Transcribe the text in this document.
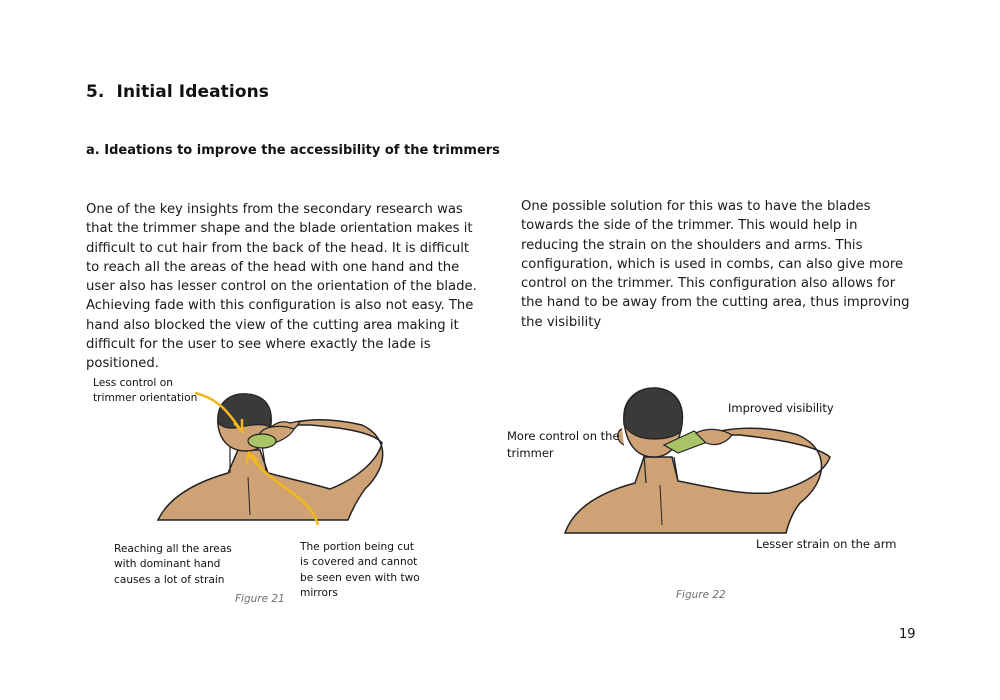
5. Initial Ideations
a. Ideations to improve the accessibility of the trimmers
One of the key insights from the secondary research was that the trimmer shape and the blade orientation makes it difficult to cut hair from the back of the head. It is difficult to reach all the areas of the head with one hand and the user also has lesser control on the orientation of the blade. Achieving fade with this configuration is also not easy. The hand also blocked the view of the cutting area making it difficult for the user to see where exactly the lade is positioned.
One possible solution for this was to have the blades towards the side of the trimmer. This would help in reducing the strain on the shoulders and arms. This configuration, which is used in combs, can also give more control on the trimmer. This configuration also allows for the hand to be away from the cutting area, thus improving the visibility
Less control on trimmer orientation
Reaching all the areas with dominant hand causes a lot of strain
The portion being cut is covered and cannot be seen even with two mirrors
Figure 21
Improved visibility
More control on the trimmer
Lesser strain on the arm
Figure 22
19
